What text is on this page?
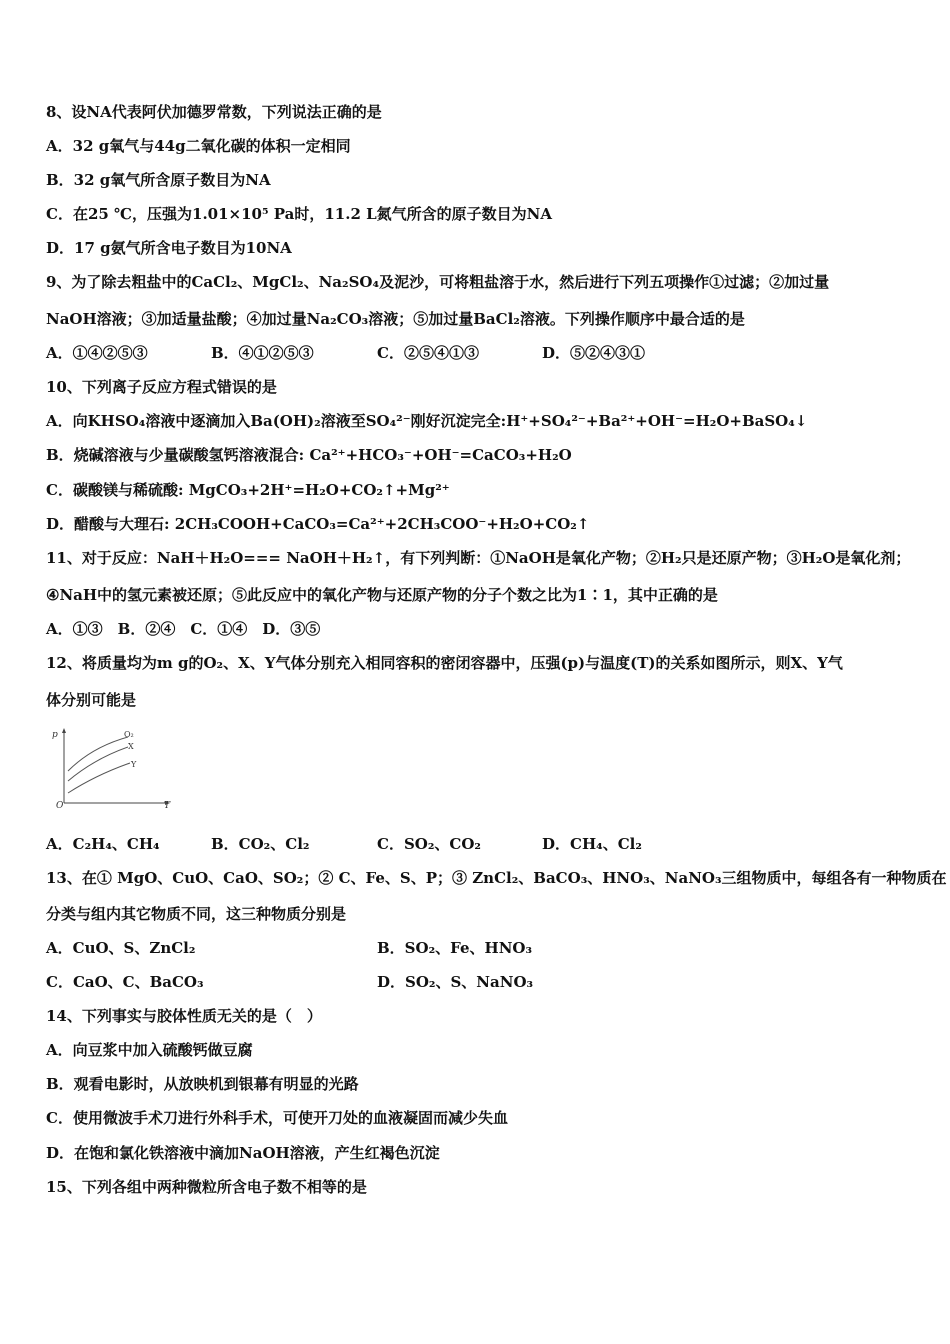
8、设NA代表阿伏加德罗常数，下列说法正确的是
A．32 g氧气与44g二氧化碳的体积一定相同
B．32 g氧气所含原子数目为NA
C．在25 ℃，压强为1.01×10⁵ Pa时，11.2 L氮气所含的原子数目为NA
D．17 g氨气所含电子数目为10NA
9、为了除去粗盐中的CaCl₂、MgCl₂、Na₂SO₄及泥沙，可将粗盐溶于水，然后进行下列五项操作①过滤；②加过量
NaOH溶液；③加适量盐酸；④加过量Na₂CO₃溶液；⑤加过量BaCl₂溶液。下列操作顺序中最合适的是
A．①④②⑤③	B．④①②⑤③	C．②⑤④①③	D．⑤②④③①
10、下列离子反应方程式错误的是
A．向KHSO₄溶液中逐滴加入Ba(OH)₂溶液至SO₄²⁻刚好沉淀完全:H⁺+SO₄²⁻+Ba²⁺+OH⁻=H₂O+BaSO₄↓
B．烧碱溶液与少量碳酸氢钙溶液混合: Ca²⁺+HCO₃⁻+OH⁻=CaCO₃+H₂O
C．碳酸镁与稀硫酸: MgCO₃+2H⁺=H₂O+CO₂↑+Mg²⁺
D．醋酸与大理石: 2CH₃COOH+CaCO₃=Ca²⁺+2CH₃COO⁻+H₂O+CO₂↑
11、对于反应：NaH＋H₂O=== NaOH＋H₂↑，有下列判断：①NaOH是氧化产物；②H₂只是还原产物；③H₂O是氧化剂；
④NaH中的氢元素被还原；⑤此反应中的氧化产物与还原产物的分子个数之比为1∶1，其中正确的是
A．①③　B．②④　C．①④　D．③⑤
12、将质量均为m g的O₂、X、Y气体分别充入相同容积的密闭容器中，压强(p)与温度(T)的关系如图所示，则X、Y气
体分别可能是
p
O	T
O₂
X
Y
A．C₂H₄、CH₄	B．CO₂、Cl₂	C．SO₂、CO₂	D．CH₄、Cl₂
13、在① MgO、CuO、CaO、SO₂；② C、Fe、S、P；③ ZnCl₂、BaCO₃、HNO₃、NaNO₃三组物质中，每组各有一种物质在
分类与组内其它物质不同，这三种物质分别是
A．CuO、S、ZnCl₂	B．SO₂、Fe、HNO₃
C．CaO、C、BaCO₃	D．SO₂、S、NaNO₃
14、下列事实与胶体性质无关的是（　）
A．向豆浆中加入硫酸钙做豆腐
B．观看电影时，从放映机到银幕有明显的光路
C．使用微波手术刀进行外科手术，可使开刀处的血液凝固而减少失血
D．在饱和氯化铁溶液中滴加NaOH溶液，产生红褐色沉淀
15、下列各组中两种微粒所含电子数不相等的是
